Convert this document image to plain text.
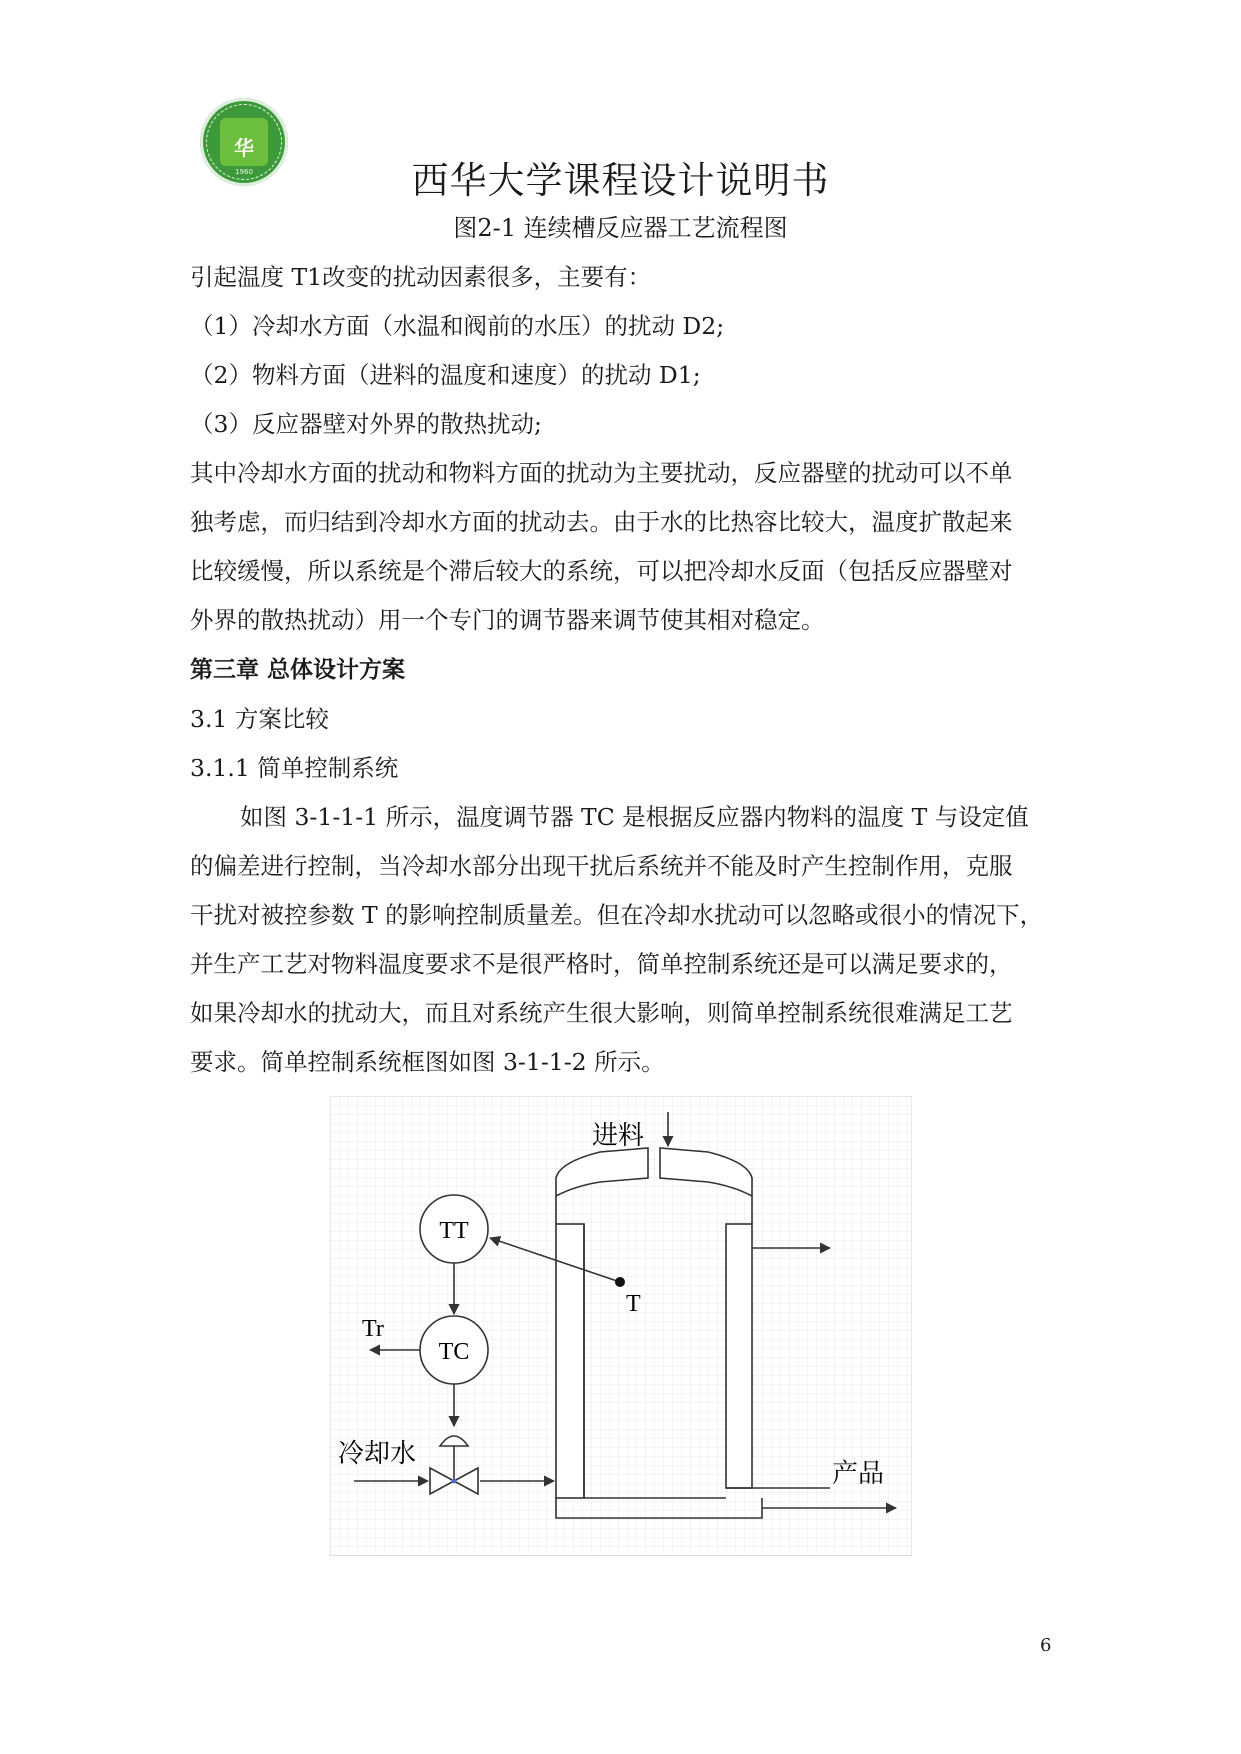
华
1960	西华大学课程设计说明书
图2-1 连续槽反应器工艺流程图
引起温度 T1改变的扰动因素很多，主要有：
（1）冷却水方面（水温和阀前的水压）的扰动 D2;
（2）物料方面（进料的温度和速度）的扰动 D1;
（3）反应器壁对外界的散热扰动;
其中冷却水方面的扰动和物料方面的扰动为主要扰动，反应器壁的扰动可以不单
独考虑，而归结到冷却水方面的扰动去。由于水的比热容比较大，温度扩散起来
比较缓慢，所以系统是个滞后较大的系统，可以把冷却水反面（包括反应器壁对
外界的散热扰动）用一个专门的调节器来调节使其相对稳定。
第三章 总体设计方案
3.1 方案比较
3.1.1 简单控制系统
如图 3-1-1-1 所示，温度调节器 TC 是根据反应器内物料的温度 T 与设定值
的偏差进行控制，当冷却水部分出现干扰后系统并不能及时产生控制作用，克服
干扰对被控参数 T 的影响控制质量差。但在冷却水扰动可以忽略或很小的情况下，
并生产工艺对物料温度要求不是很严格时，简单控制系统还是可以满足要求的，
如果冷却水的扰动大，而且对系统产生很大影响，则简单控制系统很难满足工艺
要求。简单控制系统框图如图 3-1-1-2 所示。
进料
产品
TT
T
TC
Tr
冷却水
6
